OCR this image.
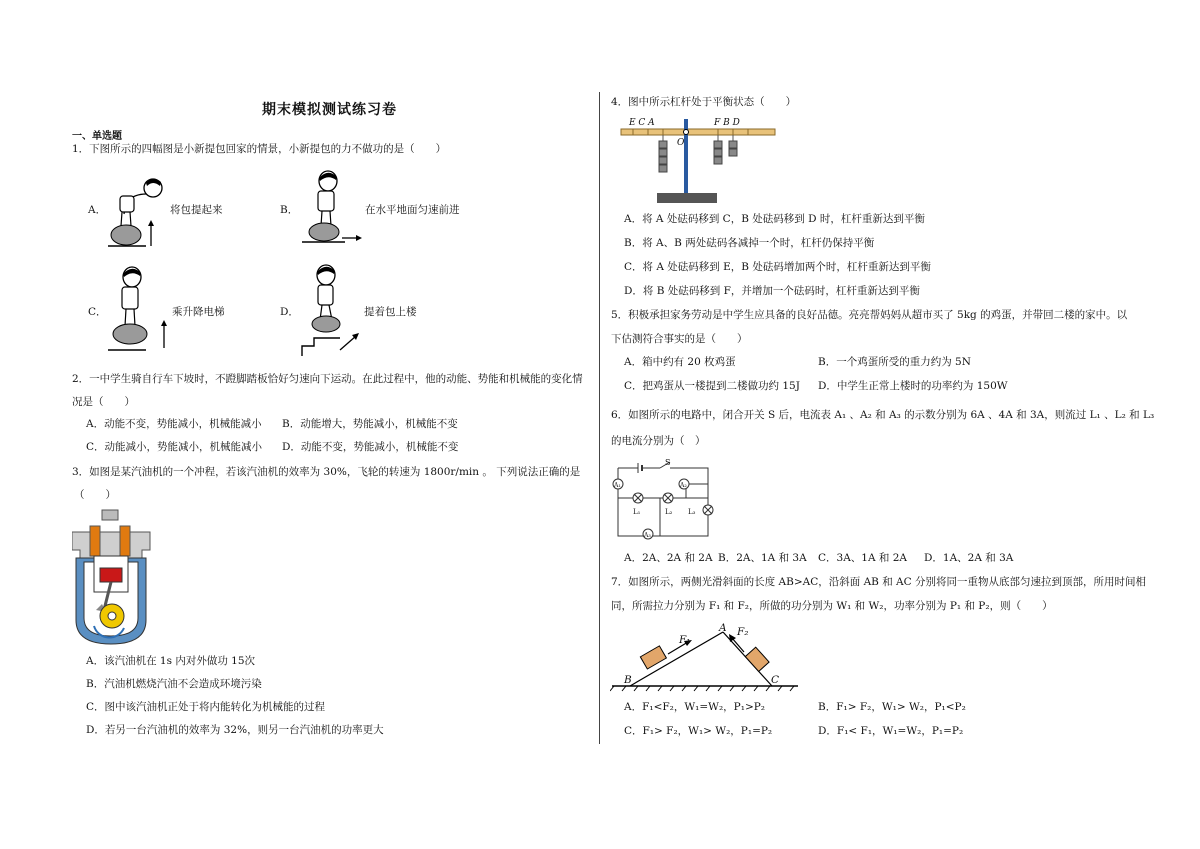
期末模拟测试练习卷
一、单选题
1．下图所示的四幅图是小新提包回家的情景，小新提包的力不做功的是（　　）
A．	将包提起来	B．	在水平地面匀速前进
C．	乘升降电梯	D．	提着包上楼
2．一中学生骑自行车下坡时，不蹬脚踏板恰好匀速向下运动。在此过程中，他的动能、势能和机械能的变化情
况是（　　）
A．动能不变，势能减小，机械能减小 B．动能增大，势能减小，机械能不变
C．动能减小，势能减小，机械能减小 D．动能不变，势能减小，机械能不变
3．如图是某汽油机的一个冲程，若该汽油机的效率为 30%，飞轮的转速为 1800r/min 。 下列说法正确的是
（　　）
A．该汽油机在 1s 内对外做功 15次
B．汽油机燃烧汽油不会造成环境污染
C．图中该汽油机正处于将内能转化为机械能的过程
D．若另一台汽油机的效率为 32%，则另一台汽油机的功率更大
4．图中所示杠杆处于平衡状态（　　）
E C A	F B D
O
A．将 A 处砝码移到 C，B 处砝码移到 D 时，杠杆重新达到平衡
B．将 A、B 两处砝码各减掉一个时，杠杆仍保持平衡
C．将 A 处砝码移到 E，B 处砝码增加两个时，杠杆重新达到平衡
D．将 B 处砝码移到 F，并增加一个砝码时，杠杆重新达到平衡
5．积极承担家务劳动是中学生应具备的良好品德。亮亮帮妈妈从超市买了 5kg 的鸡蛋，并带回二楼的家中。以
下估测符合事实的是（　　）
A．箱中约有 20 枚鸡蛋	B．一个鸡蛋所受的重力约为 5N
C．把鸡蛋从一楼提到二楼做功约 15J D．中学生正常上楼时的功率约为 150W
6．如图所示的电路中，闭合开关 S 后，电流表 A₁ 、A₂ 和 A₃ 的示数分别为 6A 、4A 和 3A，则流过 L₁ 、L₂ 和 L₃
的电流分别为（　）
S
A₁	A₂
A₃
L₁	L₂ L₃
A．2A、2A 和 2A B．2A、1A 和 3A C．3A、1A 和 2A D．1A、2A 和 3A
7．如图所示，两侧光滑斜面的长度 AB>AC，沿斜面 AB 和 AC 分别将同一重物从底部匀速拉到顶部，所用时间相
同，所需拉力分别为 F₁ 和 F₂，所做的功分别为 W₁ 和 W₂，功率分别为 P₁ 和 P₂，则（　　）
A
B	C
F₁
F₂
A．F₁<F₂，W₁=W₂，P₁>P₂	B．F₁> F₂，W₁> W₂，P₁<P₂
C．F₁> F₂，W₁> W₂，P₁=P₂	D．F₁< F₁，W₁=W₂，P₁=P₂
